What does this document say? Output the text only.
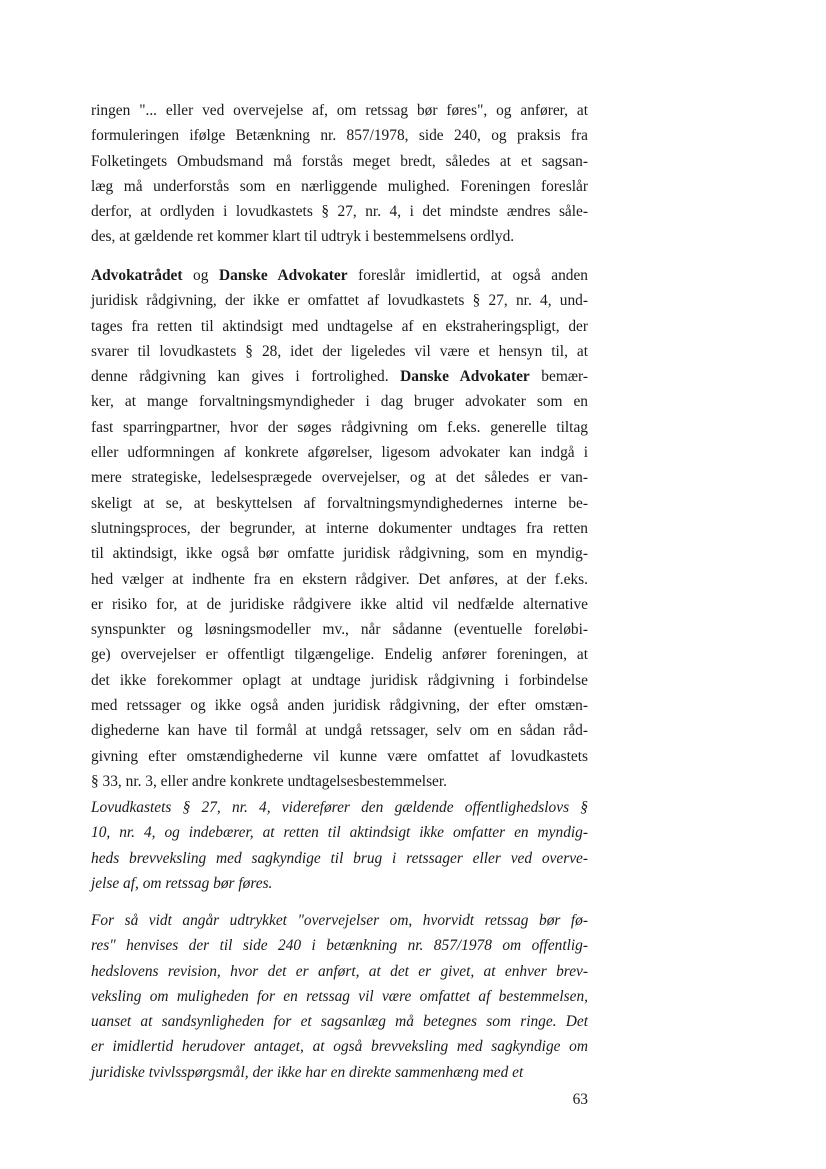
ringen "... eller ved overvejelse af, om retssag bør føres", og anfører, at
formuleringen ifølge Betænkning nr. 857/1978, side 240, og praksis fra
Folketingets Ombudsmand må forstås meget bredt, således at et sagsan-
læg må underforstås som en nærliggende mulighed. Foreningen foreslår
derfor, at ordlyden i lovudkastets § 27, nr. 4, i det mindste ændres såle-
des, at gældende ret kommer klart til udtryk i bestemmelsens ordlyd.
Advokatrådet og Danske Advokater foreslår imidlertid, at også anden
juridisk rådgivning, der ikke er omfattet af lovudkastets § 27, nr. 4, und-
tages fra retten til aktindsigt med undtagelse af en ekstraheringspligt, der
svarer til lovudkastets § 28, idet der ligeledes vil være et hensyn til, at
denne rådgivning kan gives i fortrolighed. Danske Advokater bemær-
ker, at mange forvaltningsmyndigheder i dag bruger advokater som en
fast sparringpartner, hvor der søges rådgivning om f.eks. generelle tiltag
eller udformningen af konkrete afgørelser, ligesom advokater kan indgå i
mere strategiske, ledelsesprægede overvejelser, og at det således er van-
skeligt at se, at beskyttelsen af forvaltningsmyndighedernes interne be-
slutningsproces, der begrunder, at interne dokumenter undtages fra retten
til aktindsigt, ikke også bør omfatte juridisk rådgivning, som en myndig-
hed vælger at indhente fra en ekstern rådgiver. Det anføres, at der f.eks.
er risiko for, at de juridiske rådgivere ikke altid vil nedfælde alternative
synspunkter og løsningsmodeller mv., når sådanne (eventuelle foreløbi-
ge) overvejelser er offentligt tilgængelige. Endelig anfører foreningen, at
det ikke forekommer oplagt at undtage juridisk rådgivning i forbindelse
med retssager og ikke også anden juridisk rådgivning, der efter omstæn-
dighederne kan have til formål at undgå retssager, selv om en sådan råd-
givning efter omstændighederne vil kunne være omfattet af lovudkastets
§ 33, nr. 3, eller andre konkrete undtagelsesbestemmelser.
Lovudkastets § 27, nr. 4, viderefører den gældende offentlighedslovs §
10, nr. 4, og indebærer, at retten til aktindsigt ikke omfatter en myndig-
heds brevveksling med sagkyndige til brug i retssager eller ved overve-
jelse af, om retssag bør føres.
For så vidt angår udtrykket "overvejelser om, hvorvidt retssag bør fø-
res" henvises der til side 240 i betænkning nr. 857/1978 om offentlig-
hedslovens revision, hvor det er anført, at det er givet, at enhver brev-
veksling om muligheden for en retssag vil være omfattet af bestemmelsen,
uanset at sandsynligheden for et sagsanlæg må betegnes som ringe. Det
er imidlertid herudover antaget, at også brevveksling med sagkyndige om
juridiske tvivlsspørgsmål, der ikke har en direkte sammenhæng med et
63
